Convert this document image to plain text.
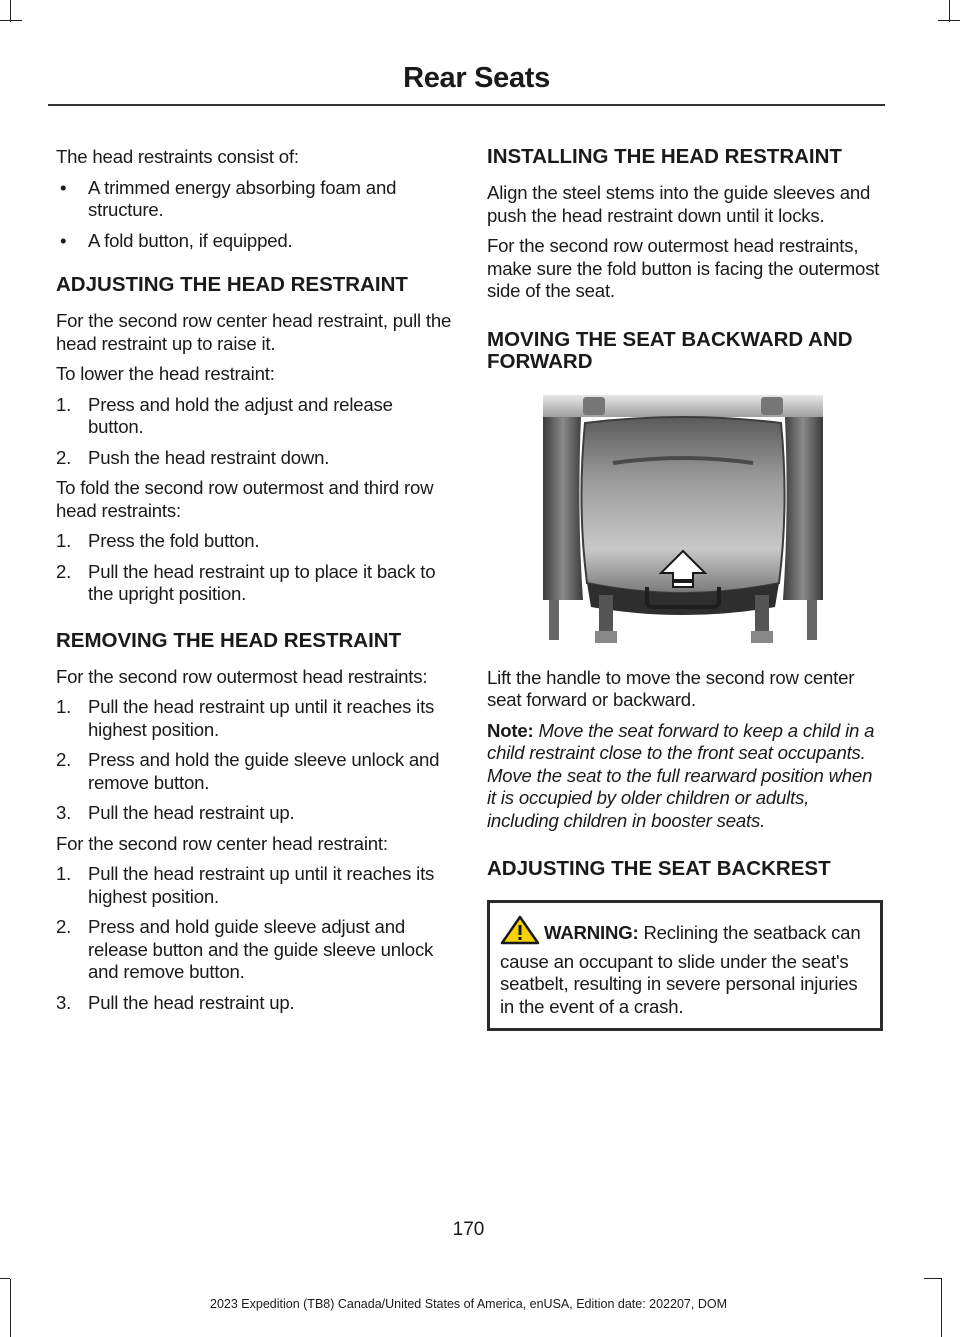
Rear Seats

The head restraints consist of:

• A trimmed energy absorbing foam and structure.
• A fold button, if equipped.
ADJUSTING THE HEAD RESTRAINT

For the second row center head restraint, pull the head restraint up to raise it.

To lower the head restraint:

1. Press and hold the adjust and release button.
2. Push the head restraint down.

To fold the second row outermost and third row head restraints:

1. Press the fold button.
2. Pull the head restraint up to place it back to the upright position.
REMOVING THE HEAD RESTRAINT

For the second row outermost head restraints:

1. Pull the head restraint up until it reaches its highest position.
2. Press and hold the guide sleeve unlock and remove button.
3. Pull the head restraint up.

For the second row center head restraint:

1. Pull the head restraint up until it reaches its highest position.
2. Press and hold guide sleeve adjust and release button and the guide sleeve unlock and remove button.
3. Pull the head restraint up.
INSTALLING THE HEAD RESTRAINT

Align the steel stems into the guide sleeves and push the head restraint down until it locks.

For the second row outermost head restraints, make sure the fold button is facing the outermost side of the seat.

MOVING THE SEAT BACKWARD AND FORWARD

Lift the handle to move the second row center seat forward or backward.

Note: Move the seat forward to keep a child in a child restraint close to the front seat occupants. Move the seat to the full rearward position when it is occupied by older children or adults, including children in booster seats.

ADJUSTING THE SEAT BACKREST
WARNING: Reclining the seatback can cause an occupant to slide under the seat's seatbelt, resulting in severe personal injuries in the event of a crash.
170
2023 Expedition (TB8) Canada/United States of America, enUSA, Edition date: 202207, DOM
